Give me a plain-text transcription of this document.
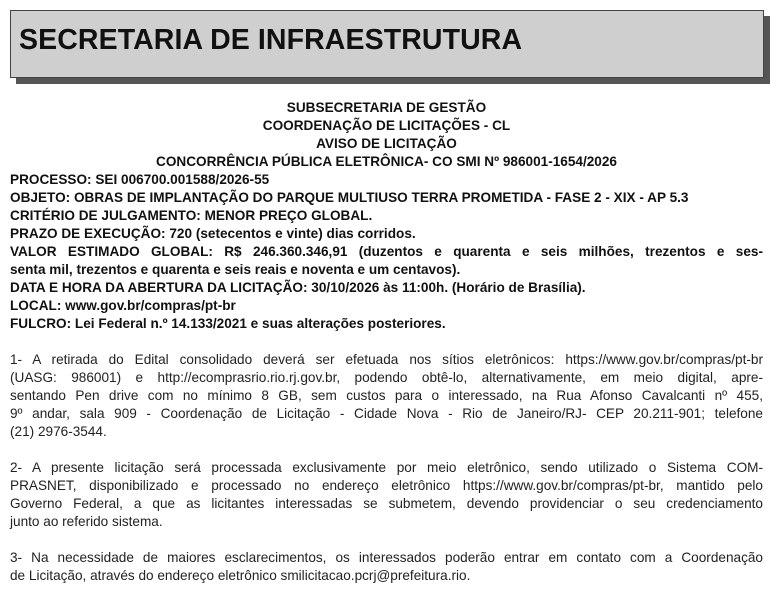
SECRETARIA DE INFRAESTRUTURA
SUBSECRETARIA DE GESTÃO
COORDENAÇÃO DE LICITAÇÕES - CL
AVISO DE LICITAÇÃO
CONCORRÊNCIA PÚBLICA ELETRÔNICA- CO SMI Nº 986001-1654/2026
PROCESSO: SEI 006700.001588/2026-55
OBJETO: OBRAS DE IMPLANTAÇÃO DO PARQUE MULTIUSO TERRA PROMETIDA - FASE 2 - XIX - AP 5.3
CRITÉRIO DE JULGAMENTO: MENOR PREÇO GLOBAL.
PRAZO DE EXECUÇÃO: 720 (setecentos e vinte) dias corridos.
VALOR ESTIMADO GLOBAL: R$ 246.360.346,91 (duzentos e quarenta e seis milhões, trezentos e ses-
senta mil, trezentos e quarenta e seis reais e noventa e um centavos).
DATA E HORA DA ABERTURA DA LICITAÇÃO: 30/10/2026 às 11:00h. (Horário de Brasília).
LOCAL: www.gov.br/compras/pt-br
FULCRO: Lei Federal n.º 14.133/2021 e suas alterações posteriores.
1- A retirada do Edital consolidado deverá ser efetuada nos sítios eletrônicos: https://www.gov.br/compras/pt-br
(UASG: 986001) e http://ecomprasrio.rio.rj.gov.br, podendo obtê-lo, alternativamente, em meio digital, apre-
sentando Pen drive com no mínimo 8 GB, sem custos para o interessado, na Rua Afonso Cavalcanti nº 455,
9º andar, sala 909 - Coordenação de Licitação - Cidade Nova - Rio de Janeiro/RJ- CEP 20.211-901; telefone
(21) 2976-3544.
2- A presente licitação será processada exclusivamente por meio eletrônico, sendo utilizado o Sistema COM-
PRASNET, disponibilizado e processado no endereço eletrônico https://www.gov.br/compras/pt-br, mantido pelo
Governo Federal, a que as licitantes interessadas se submetem, devendo providenciar o seu credenciamento
junto ao referido sistema.
3- Na necessidade de maiores esclarecimentos, os interessados poderão entrar em contato com a Coordenação
de Licitação, através do endereço eletrônico smilicitacao.pcrj@prefeitura.rio.
